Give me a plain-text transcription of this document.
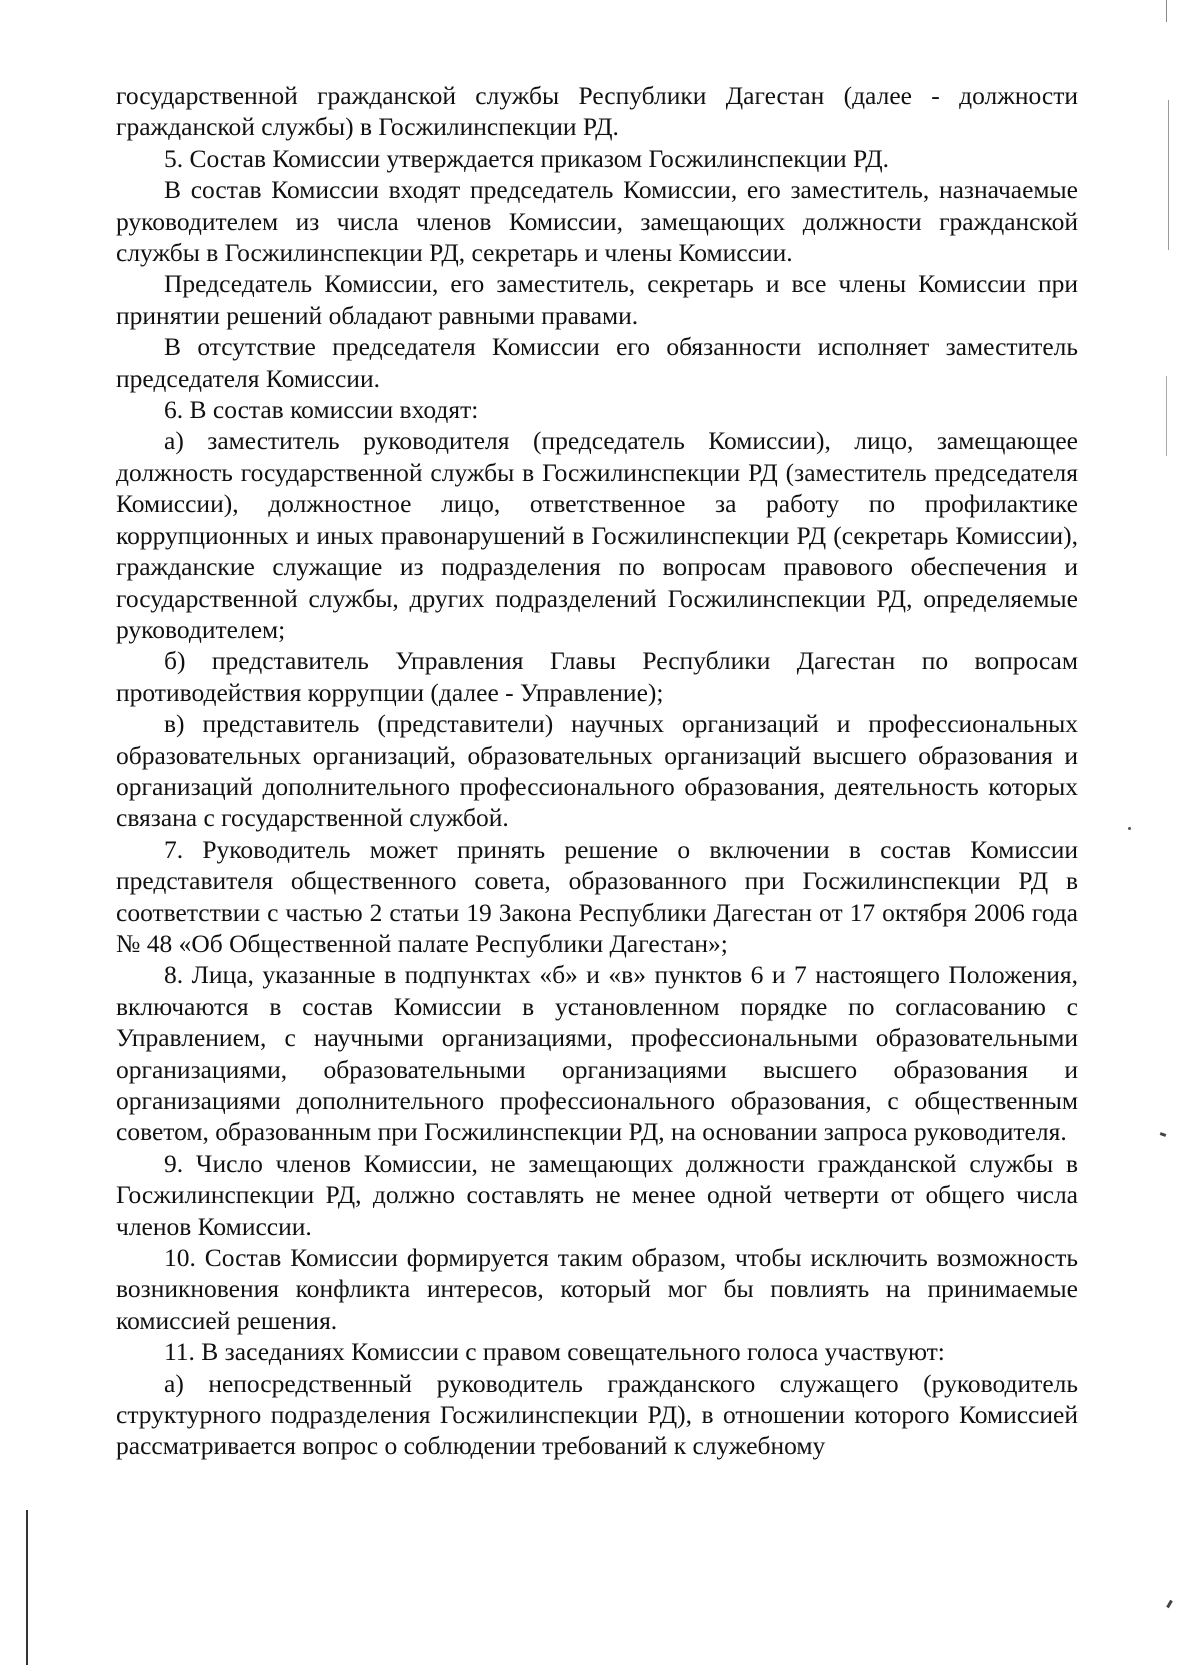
государственной гражданской службы Республики Дагестан (далее - должности гражданской службы) в Госжилинспекции РД.

5. Состав Комиссии утверждается приказом Госжилинспекции РД.

В состав Комиссии входят председатель Комиссии, его заместитель, назначаемые руководителем из числа членов Комиссии, замещающих должности гражданской службы в Госжилинспекции РД, секретарь и члены Комиссии.

Председатель Комиссии, его заместитель, секретарь и все члены Комиссии при принятии решений обладают равными правами.

В отсутствие председателя Комиссии его обязанности исполняет заместитель председателя Комиссии.

6. В состав комиссии входят:

а) заместитель руководителя (председатель Комиссии), лицо, замещающее должность государственной службы в Госжилинспекции РД (заместитель председателя Комиссии), должностное лицо, ответственное за работу по профилактике коррупционных и иных правонарушений в Госжилинспекции РД (секретарь Комиссии), гражданские служащие из подразделения по вопросам правового обеспечения и государственной службы, других подразделений Госжилинспекции РД, определяемые руководителем;

б) представитель Управления Главы Республики Дагестан по вопросам противодействия коррупции (далее - Управление);

в) представитель (представители) научных организаций и профессиональных образовательных организаций, образовательных организаций высшего образования и организаций дополнительного профессионального образования, деятельность которых связана с государственной службой.

7. Руководитель может принять решение о включении в состав Комиссии представителя общественного совета, образованного при Госжилинспекции РД в соответствии с частью 2 статьи 19 Закона Республики Дагестан от 17 октября 2006 года № 48 «Об Общественной палате Республики Дагестан»;

8. Лица, указанные в подпунктах «б» и «в» пунктов 6 и 7 настоящего Положения, включаются в состав Комиссии в установленном порядке по согласованию с Управлением, с научными организациями, профессиональными образовательными организациями, образовательными организациями высшего образования и организациями дополнительного профессионального образования, с общественным советом, образованным при Госжилинспекции РД, на основании запроса руководителя.

9. Число членов Комиссии, не замещающих должности гражданской службы в Госжилинспекции РД, должно составлять не менее одной четверти от общего числа членов Комиссии.

10. Состав Комиссии формируется таким образом, чтобы исключить возможность возникновения конфликта интересов, который мог бы повлиять на принимаемые комиссией решения.

11. В заседаниях Комиссии с правом совещательного голоса участвуют:

а) непосредственный руководитель гражданского служащего (руководитель структурного подразделения Госжилинспекции РД), в отношении которого Комиссией рассматривается вопрос о соблюдении требований к служебному
